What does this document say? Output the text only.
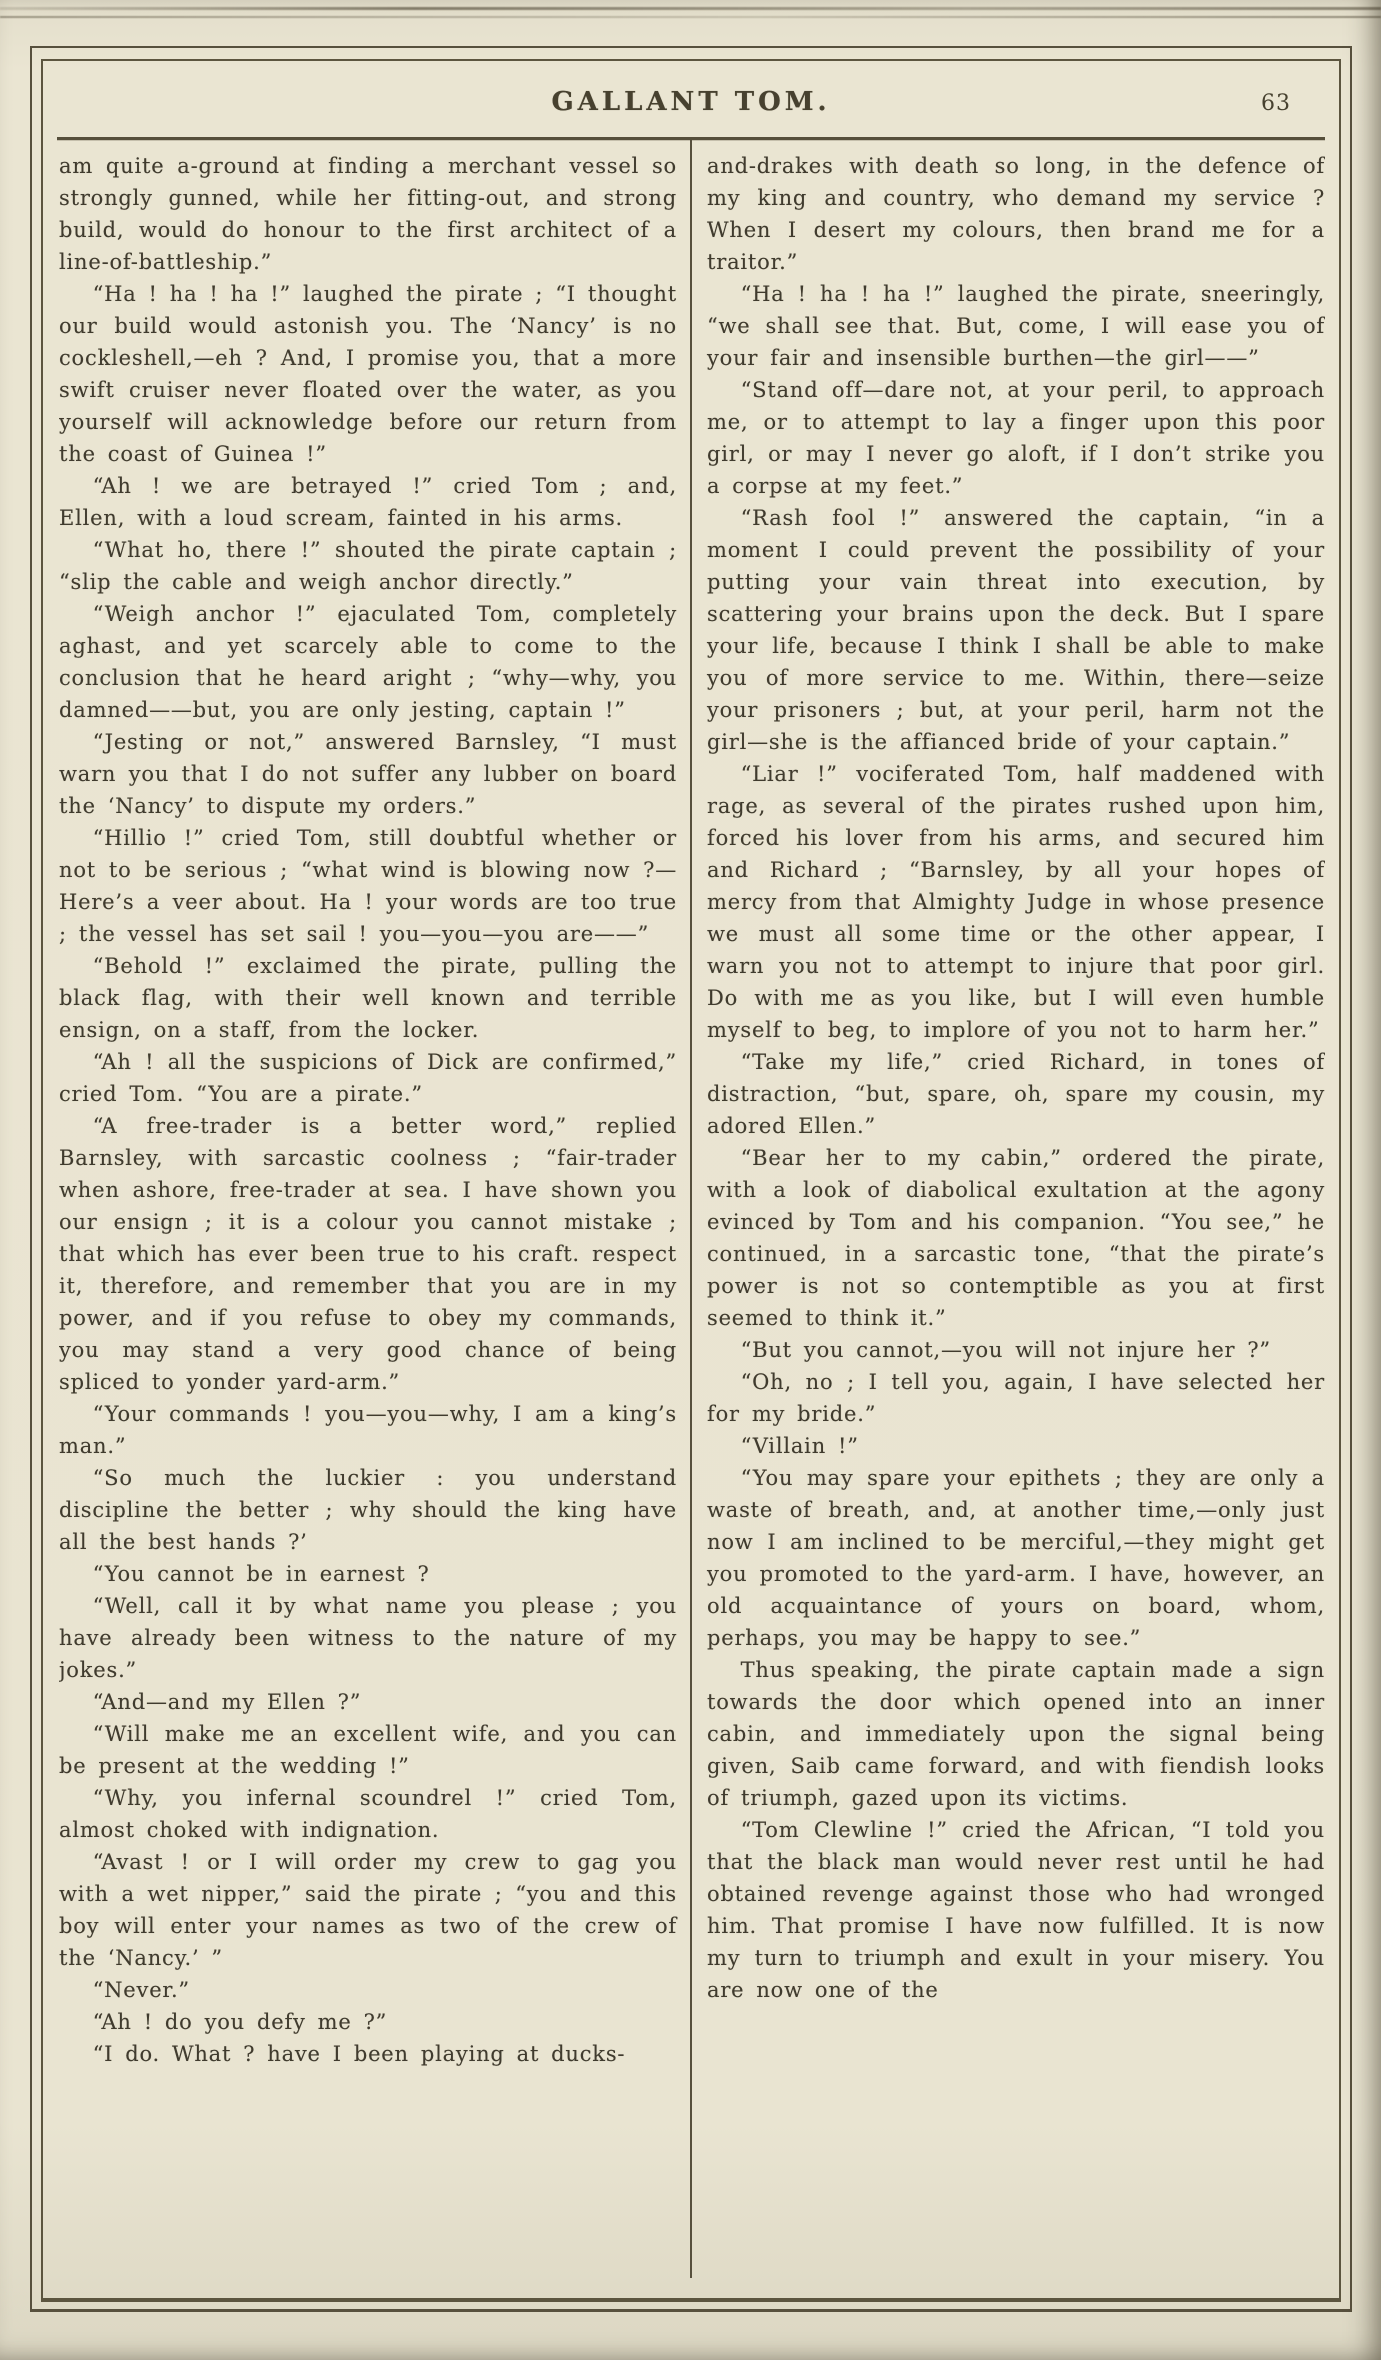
GALLANT TOM.	63

am quite a-ground at finding a merchant vessel so strongly gunned, while her fitting-out, and strong build, would do honour to the first architect of a line-of-battleship.”

“Ha ! ha ! ha !” laughed the pirate ; “I thought our build would astonish you. The ‘Nancy’ is no cockleshell,—eh ? And, I promise you, that a more swift cruiser never floated over the water, as you yourself will acknowledge before our return from the coast of Guinea !”

“Ah ! we are betrayed !” cried Tom ; and, Ellen, with a loud scream, fainted in his arms.

“What ho, there !” shouted the pirate captain ; “slip the cable and weigh anchor directly.”

“Weigh anchor !” ejaculated Tom, completely aghast, and yet scarcely able to come to the conclusion that he heard aright ; “why—why, you damned——but, you are only jesting, captain !”

“Jesting or not,” answered Barnsley, “I must warn you that I do not suffer any lubber on board the ‘Nancy’ to dispute my orders.”

“Hillio !” cried Tom, still doubtful whether or not to be serious ; “what wind is blowing now ?—Here’s a veer about. Ha ! your words are too true ; the vessel has set sail ! you—you—you are——”

“Behold !” exclaimed the pirate, pulling the black flag, with their well known and terrible ensign, on a staff, from the locker.

“Ah ! all the suspicions of Dick are confirmed,” cried Tom. “You are a pirate.”

“A free-trader is a better word,” replied Barnsley, with sarcastic coolness ; “fair-trader when ashore, free-trader at sea. I have shown you our ensign ; it is a colour you cannot mistake ; that which has ever been true to his craft. respect it, therefore, and remember that you are in my power, and if you refuse to obey my commands, you may stand a very good chance of being spliced to yonder yard-arm.”

“Your commands ! you—you—why, I am a king’s man.”

“So much the luckier : you understand discipline the better ; why should the king have all the best hands ?’

“You cannot be in earnest ?

“Well, call it by what name you please ; you have already been witness to the nature of my jokes.”

“And—and my Ellen ?”

“Will make me an excellent wife, and you can be present at the wedding !”

“Why, you infernal scoundrel !” cried Tom, almost choked with indignation.

“Avast ! or I will order my crew to gag you with a wet nipper,” said the pirate ; “you and this boy will enter your names as two of the crew of the ‘Nancy.’ ”

“Never.”

“Ah ! do you defy me ?”

“I do. What ? have I been playing at ducks-

and-drakes with death so long, in the defence of my king and country, who demand my service ? When I desert my colours, then brand me for a traitor.”

“Ha ! ha ! ha !” laughed the pirate, sneeringly, “we shall see that. But, come, I will ease you of your fair and insensible burthen—the girl——”

“Stand off—dare not, at your peril, to approach me, or to attempt to lay a finger upon this poor girl, or may I never go aloft, if I don’t strike you a corpse at my feet.”

“Rash fool !” answered the captain, “in a moment I could prevent the possibility of your putting your vain threat into execution, by scattering your brains upon the deck. But I spare your life, because I think I shall be able to make you of more service to me. Within, there—seize your prisoners ; but, at your peril, harm not the girl—she is the affianced bride of your captain.”

“Liar !” vociferated Tom, half maddened with rage, as several of the pirates rushed upon him, forced his lover from his arms, and secured him and Richard ; “Barnsley, by all your hopes of mercy from that Almighty Judge in whose presence we must all some time or the other appear, I warn you not to attempt to injure that poor girl. Do with me as you like, but I will even humble myself to beg, to implore of you not to harm her.”

“Take my life,” cried Richard, in tones of distraction, “but, spare, oh, spare my cousin, my adored Ellen.”

“Bear her to my cabin,” ordered the pirate, with a look of diabolical exultation at the agony evinced by Tom and his companion. “You see,” he continued, in a sarcastic tone, “that the pirate’s power is not so contemptible as you at first seemed to think it.”

“But you cannot,—you will not injure her ?”

“Oh, no ; I tell you, again, I have selected her for my bride.”

“Villain !”

“You may spare your epithets ; they are only a waste of breath, and, at another time,—only just now I am inclined to be merciful,—they might get you promoted to the yard-arm. I have, however, an old acquaintance of yours on board, whom, perhaps, you may be happy to see.”

Thus speaking, the pirate captain made a sign towards the door which opened into an inner cabin, and immediately upon the signal being given, Saib came forward, and with fiendish looks of triumph, gazed upon its victims.

“Tom Clewline !” cried the African, “I told you that the black man would never rest until he had obtained revenge against those who had wronged him. That promise I have now fulfilled. It is now my turn to triumph and exult in your misery. You are now one of the
